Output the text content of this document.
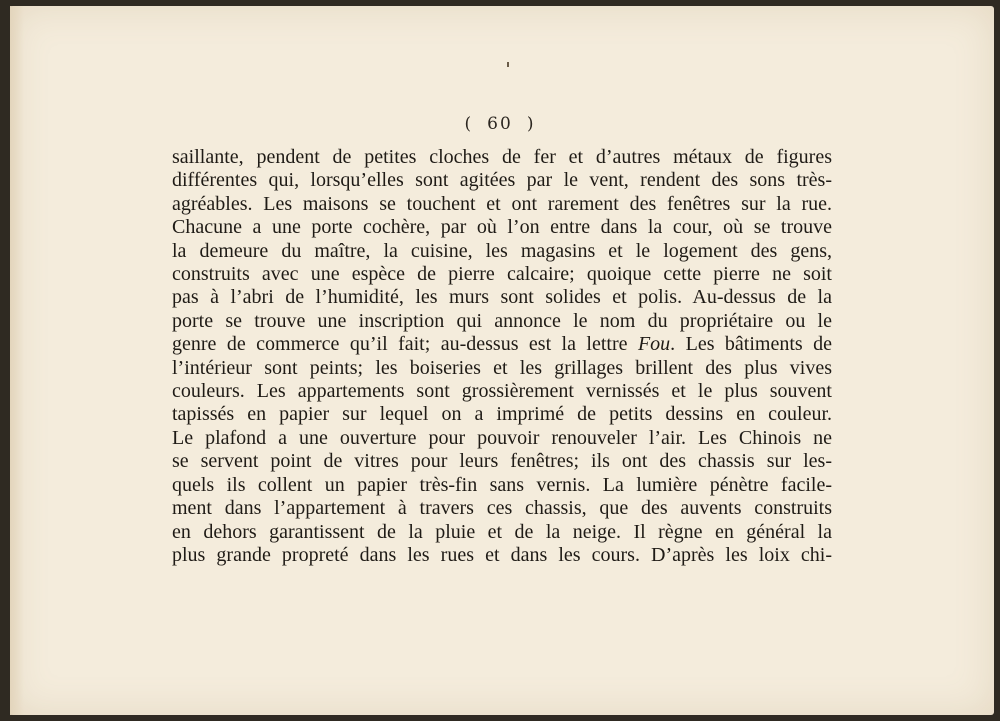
( 60 )
saillante, pendent de petites cloches de fer et d’autres métaux de figures
différentes qui, lorsqu’elles sont agitées par le vent, rendent des sons très-
agréables. Les maisons se touchent et ont rarement des fenêtres sur la rue.
Chacune a une porte cochère, par où l’on entre dans la cour, où se trouve
la demeure du maître, la cuisine, les magasins et le logement des gens,
construits avec une espèce de pierre calcaire; quoique cette pierre ne soit
pas à l’abri de l’humidité, les murs sont solides et polis. Au-dessus de la
porte se trouve une inscription qui annonce le nom du propriétaire ou le
genre de commerce qu’il fait; au-dessus est la lettre Fou. Les bâtiments de
l’intérieur sont peints; les boiseries et les grillages brillent des plus vives
couleurs. Les appartements sont grossièrement vernissés et le plus souvent
tapissés en papier sur lequel on a imprimé de petits dessins en couleur.
Le plafond a une ouverture pour pouvoir renouveler l’air. Les Chinois ne
se servent point de vitres pour leurs fenêtres; ils ont des chassis sur les-
quels ils collent un papier très-fin sans vernis. La lumière pénètre facile-
ment dans l’appartement à travers ces chassis, que des auvents construits
en dehors garantissent de la pluie et de la neige. Il règne en général la
plus grande propreté dans les rues et dans les cours. D’après les loix chi-
